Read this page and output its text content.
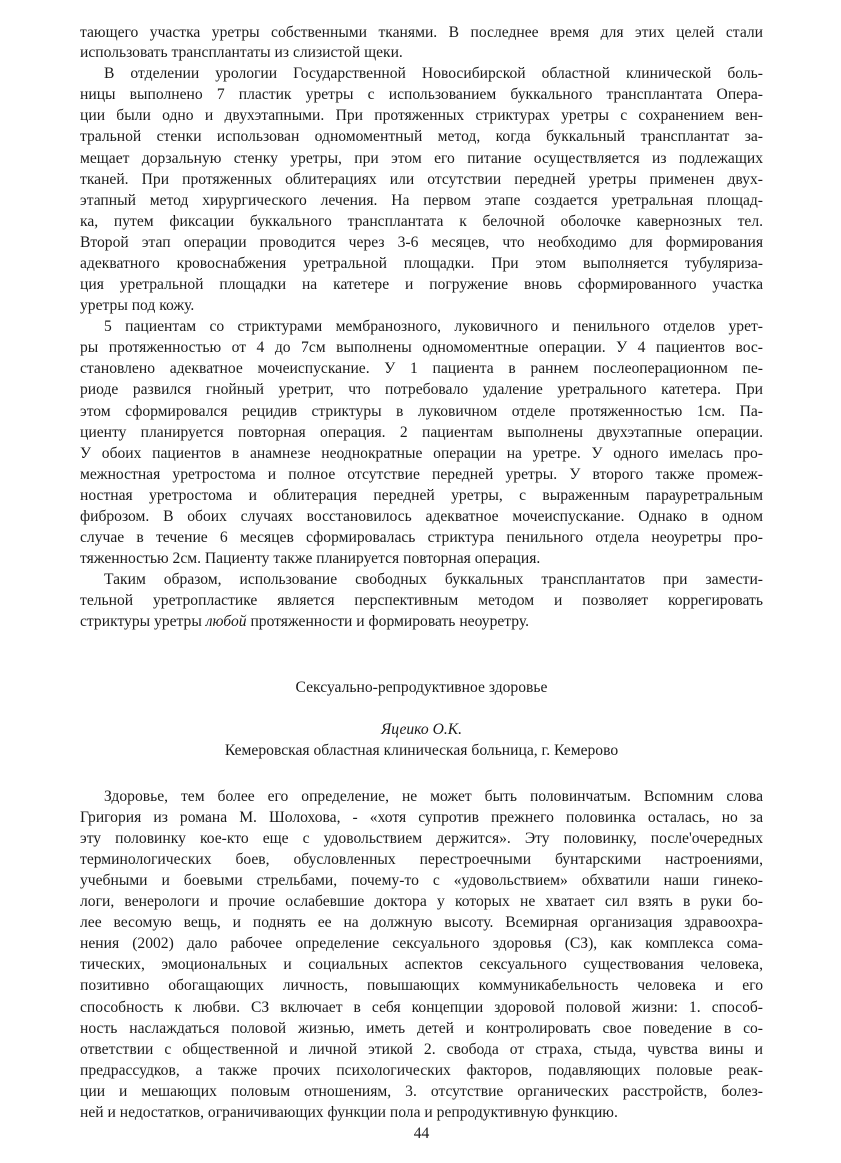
тающего участка уретры собственными тканями. В последнее время для этих целей стали
использовать трансплантаты из слизистой щеки.
В отделении урологии Государственной Новосибирской областной клинической боль-
ницы выполнено 7 пластик уретры с использованием буккального трансплантата Опера-
ции были одно и двухэтапными. При протяженных стриктурах уретры с сохранением вен-
тральной стенки использован одномоментный метод, когда буккальный трансплантат за-
мещает дорзальную стенку уретры, при этом его питание осуществляется из подлежащих
тканей. При протяженных облитерациях или отсутствии передней уретры применен двух-
этапный метод хирургического лечения. На первом этапе создается уретральная площад-
ка, путем фиксации буккального трансплантата к белочной оболочке кавернозных тел.
Второй этап операции проводится через 3-6 месяцев, что необходимо для формирования
адекватного кровоснабжения уретральной площадки. При этом выполняется тубуляриза-
ция уретральной площадки на катетере и погружение вновь сформированного участка
уретры под кожу.
5 пациентам со стриктурами мембранозного, луковичного и пенильного отделов урет-
ры протяженностью от 4 до 7см выполнены одномоментные операции. У 4 пациентов вос-
становлено адекватное мочеиспускание. У 1 пациента в раннем послеоперационном пе-
риоде развился гнойный уретрит, что потребовало удаление уретрального катетера. При
этом сформировался рецидив стриктуры в луковичном отделе протяженностью 1см. Па-
циенту планируется повторная операция. 2 пациентам выполнены двухэтапные операции.
У обоих пациентов в анамнезе неоднократные операции на уретре. У одного имелась про-
межностная уретростома и полное отсутствие передней уретры. У второго также промеж-
ностная уретростома и облитерация передней уретры, с выраженным парауретральным
фиброзом. В обоих случаях восстановилось адекватное мочеиспускание. Однако в одном
случае в течение 6 месяцев сформировалась стриктура пенильного отдела неоуретры про-
тяженностью 2см. Пациенту также планируется повторная операция.
Таким образом, использование свободных буккальных трансплантатов при замести-
тельной уретропластике является перспективным методом и позволяет коррегировать
стриктуры уретры любой протяженности и формировать неоуретру.
Сексуально-репродуктивное здоровье
Яцеико О.К.
Кемеровская областная клиническая больница, г. Кемерово
Здоровье, тем более его определение, не может быть половинчатым. Вспомним слова
Григория из романа М. Шолохова, - «хотя супротив прежнего половинка осталась, но за
эту половинку кое-кто еще с удовольствием держится». Эту половинку, после'очередных
терминологических боев, обусловленных перестроечными бунтарскими настроениями,
учебными и боевыми стрельбами, почему-то с «удовольствием» обхватили наши гинеко-
логи, венерологи и прочие ослабевшие доктора у которых не хватает сил взять в руки бо-
лее весомую вещь, и поднять ее на должную высоту. Всемирная организация здравоохра-
нения (2002) дало рабочее определение сексуального здоровья (СЗ), как комплекса сома-
тических, эмоциональных и социальных аспектов сексуального существования человека,
позитивно обогащающих личность, повышающих коммуникабельность человека и его
способность к любви. СЗ включает в себя концепции здоровой половой жизни: 1. способ-
ность наслаждаться половой жизнью, иметь детей и контролировать свое поведение в со-
ответствии с общественной и личной этикой 2. свобода от страха, стыда, чувства вины и
предрассудков, а также прочих психологических факторов, подавляющих половые реак-
ции и мешающих половым отношениям, 3. отсутствие органических расстройств, болез-
ней и недостатков, ограничивающих функции пола и репродуктивную функцию.
44
